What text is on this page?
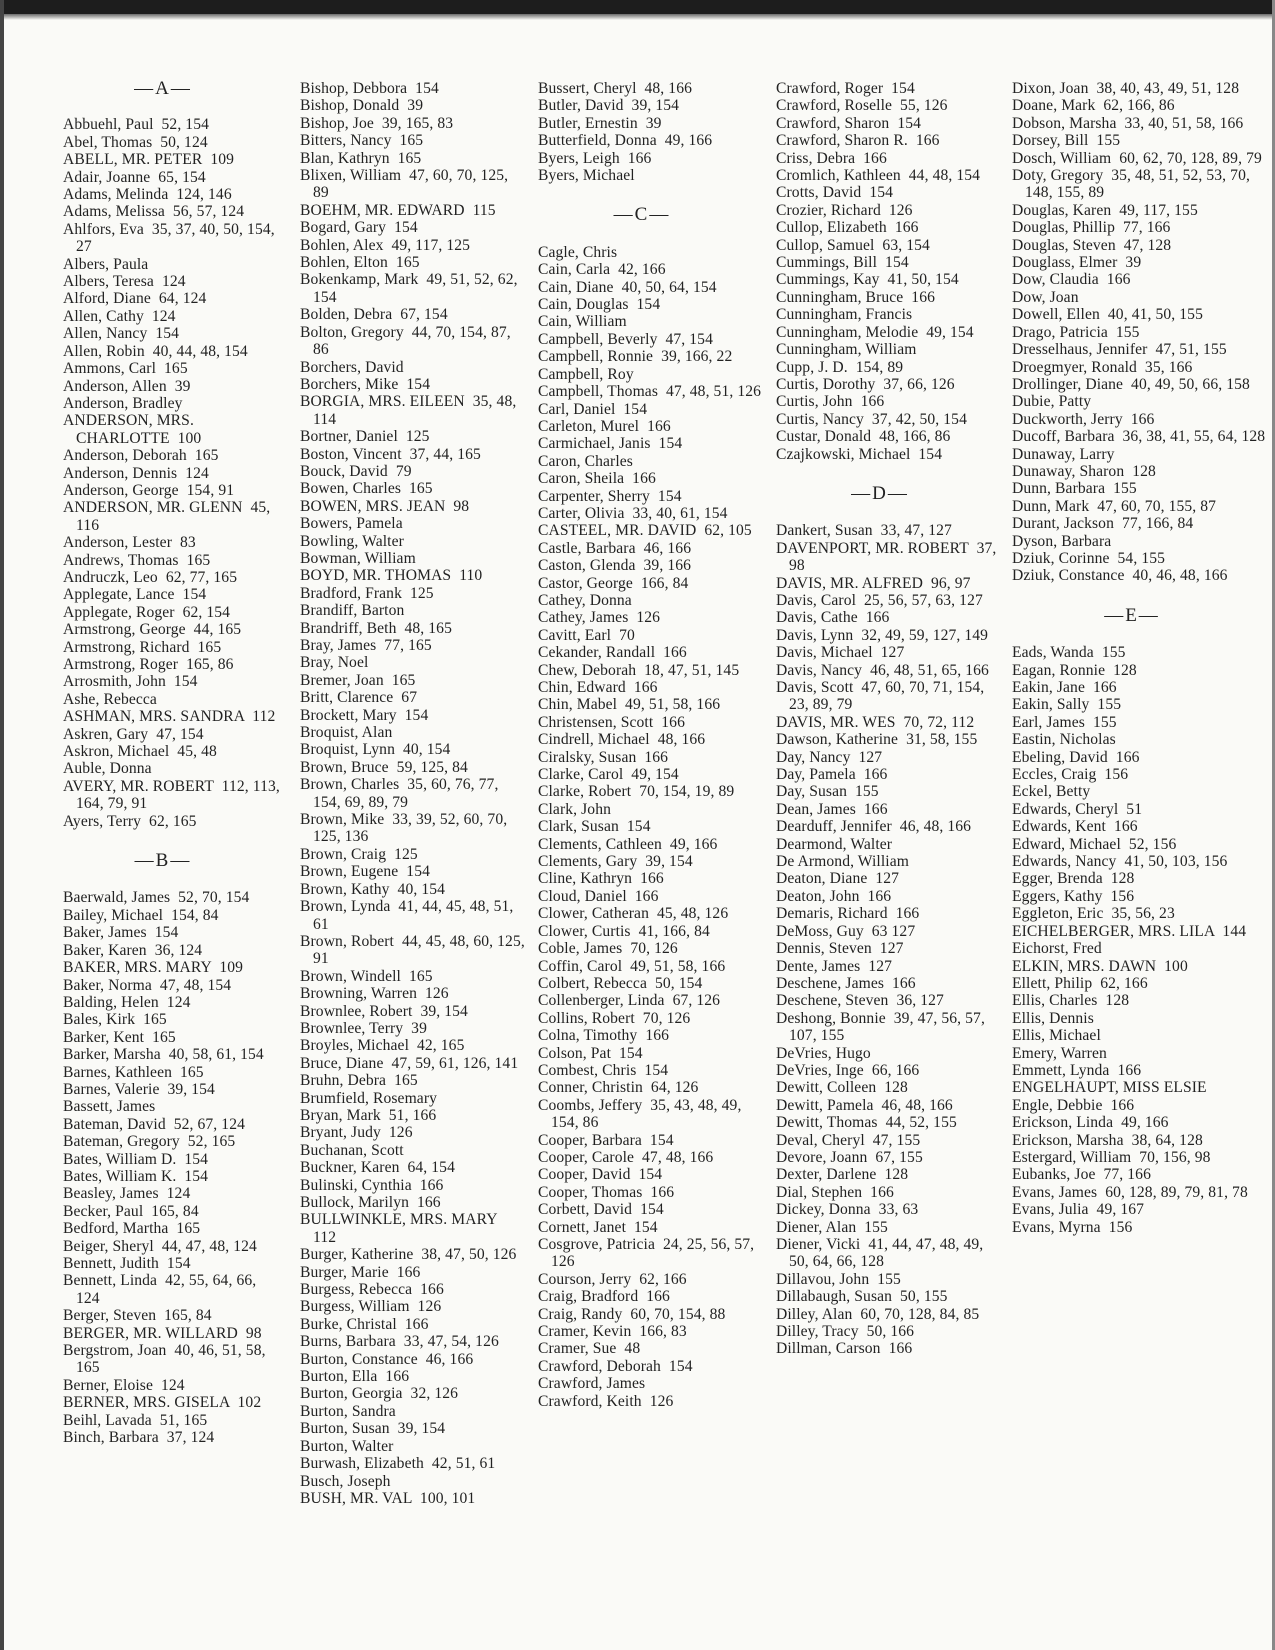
—A—
Abbuehl, Paul  52, 154
Abel, Thomas  50, 124
ABELL, MR. PETER  109
Adair, Joanne  65, 154
Adams, Melinda  124, 146
Adams, Melissa  56, 57, 124
Ahlfors, Eva  35, 37, 40, 50, 154, 27
Albers, Paula
Albers, Teresa  124
Alford, Diane  64, 124
Allen, Cathy  124
Allen, Nancy  154
Allen, Robin  40, 44, 48, 154
Ammons, Carl  165
Anderson, Allen  39
Anderson, Bradley
ANDERSON, MRS. CHARLOTTE  100
Anderson, Deborah  165
Anderson, Dennis  124
Anderson, George  154, 91
ANDERSON, MR. GLENN  45, 116
Anderson, Lester  83
Andrews, Thomas  165
Andruczk, Leo  62, 77, 165
Applegate, Lance  154
Applegate, Roger  62, 154
Armstrong, George  44, 165
Armstrong, Richard  165
Armstrong, Roger  165, 86
Arrosmith, John  154
Ashe, Rebecca
ASHMAN, MRS. SANDRA  112
Askren, Gary  47, 154
Askron, Michael  45, 48
Auble, Donna
AVERY, MR. ROBERT  112, 113, 164, 79, 91
Ayers, Terry  62, 165
—B—
Baerwald, James  52, 70, 154
Bailey, Michael  154, 84
Baker, James  154
Baker, Karen  36, 124
BAKER, MRS. MARY  109
Baker, Norma  47, 48, 154
Balding, Helen  124
Bales, Kirk  165
Barker, Kent  165
Barker, Marsha  40, 58, 61, 154
Barnes, Kathleen  165
Barnes, Valerie  39, 154
Bassett, James
Bateman, David  52, 67, 124
Bateman, Gregory  52, 165
Bates, William D.  154
Bates, William K.  154
Beasley, James  124
Becker, Paul  165, 84
Bedford, Martha  165
Beiger, Sheryl  44, 47, 48, 124
Bennett, Judith  154
Bennett, Linda  42, 55, 64, 66, 124
Berger, Steven  165, 84
BERGER, MR. WILLARD  98
Bergstrom, Joan  40, 46, 51, 58, 165
Berner, Eloise  124
BERNER, MRS. GISELA  102
Beihl, Lavada  51, 165
Binch, Barbara  37, 124
Bishop, Debbora  154
Bishop, Donald  39
Bishop, Joe  39, 165, 83
Bitters, Nancy  165
Blan, Kathryn  165
Blixen, William  47, 60, 70, 125, 89
BOEHM, MR. EDWARD  115
Bogard, Gary  154
Bohlen, Alex  49, 117, 125
Bohlen, Elton  165
Bokenkamp, Mark  49, 51, 52, 62, 154
Bolden, Debra  67, 154
Bolton, Gregory  44, 70, 154, 87, 86
Borchers, David
Borchers, Mike  154
BORGIA, MRS. EILEEN  35, 48, 114
Bortner, Daniel  125
Boston, Vincent  37, 44, 165
Bouck, David  79
Bowen, Charles  165
BOWEN, MRS. JEAN  98
Bowers, Pamela
Bowling, Walter
Bowman, William
BOYD, MR. THOMAS  110
Bradford, Frank  125
Brandiff, Barton
Brandriff, Beth  48, 165
Bray, James  77, 165
Bray, Noel
Bremer, Joan  165
Britt, Clarence  67
Brockett, Mary  154
Broquist, Alan
Broquist, Lynn  40, 154
Brown, Bruce  59, 125, 84
Brown, Charles  35, 60, 76, 77, 154, 69, 89, 79
Brown, Mike  33, 39, 52, 60, 70, 125, 136
Brown, Craig  125
Brown, Eugene  154
Brown, Kathy  40, 154
Brown, Lynda  41, 44, 45, 48, 51, 61
Brown, Robert  44, 45, 48, 60, 125, 91
Brown, Windell  165
Browning, Warren  126
Brownlee, Robert  39, 154
Brownlee, Terry  39
Broyles, Michael  42, 165
Bruce, Diane  47, 59, 61, 126, 141
Bruhn, Debra  165
Brumfield, Rosemary
Bryan, Mark  51, 166
Bryant, Judy  126
Buchanan, Scott
Buckner, Karen  64, 154
Bulinski, Cynthia  166
Bullock, Marilyn  166
BULLWINKLE, MRS. MARY  112
Burger, Katherine  38, 47, 50, 126
Burger, Marie  166
Burgess, Rebecca  166
Burgess, William  126
Burke, Christal  166
Burns, Barbara  33, 47, 54, 126
Burton, Constance  46, 166
Burton, Ella  166
Burton, Georgia  32, 126
Burton, Sandra
Burton, Susan  39, 154
Burton, Walter
Burwash, Elizabeth  42, 51, 61
Busch, Joseph
BUSH, MR. VAL  100, 101
Bussert, Cheryl  48, 166
Butler, David  39, 154
Butler, Ernestin  39
Butterfield, Donna  49, 166
Byers, Leigh  166
Byers, Michael
—C—
Cagle, Chris
Cain, Carla  42, 166
Cain, Diane  40, 50, 64, 154
Cain, Douglas  154
Cain, William
Campbell, Beverly  47, 154
Campbell, Ronnie  39, 166, 22
Campbell, Roy
Campbell, Thomas  47, 48, 51, 126
Carl, Daniel  154
Carleton, Murel  166
Carmichael, Janis  154
Caron, Charles
Caron, Sheila  166
Carpenter, Sherry  154
Carter, Olivia  33, 40, 61, 154
CASTEEL, MR. DAVID  62, 105
Castle, Barbara  46, 166
Caston, Glenda  39, 166
Castor, George  166, 84
Cathey, Donna
Cathey, James  126
Cavitt, Earl  70
Cekander, Randall  166
Chew, Deborah  18, 47, 51, 145
Chin, Edward  166
Chin, Mabel  49, 51, 58, 166
Christensen, Scott  166
Cindrell, Michael  48, 166
Ciralsky, Susan  166
Clarke, Carol  49, 154
Clarke, Robert  70, 154, 19, 89
Clark, John
Clark, Susan  154
Clements, Cathleen  49, 166
Clements, Gary  39, 154
Cline, Kathryn  166
Cloud, Daniel  166
Clower, Catheran  45, 48, 126
Clower, Curtis  41, 166, 84
Coble, James  70, 126
Coffin, Carol  49, 51, 58, 166
Colbert, Rebecca  50, 154
Collenberger, Linda  67, 126
Collins, Robert  70, 126
Colna, Timothy  166
Colson, Pat  154
Combest, Chris  154
Conner, Christin  64, 126
Coombs, Jeffery  35, 43, 48, 49, 154, 86
Cooper, Barbara  154
Cooper, Carole  47, 48, 166
Cooper, David  154
Cooper, Thomas  166
Corbett, David  154
Cornett, Janet  154
Cosgrove, Patricia  24, 25, 56, 57, 126
Courson, Jerry  62, 166
Craig, Bradford  166
Craig, Randy  60, 70, 154, 88
Cramer, Kevin  166, 83
Cramer, Sue  48
Crawford, Deborah  154
Crawford, James
Crawford, Keith  126
Crawford, Roger  154
Crawford, Roselle  55, 126
Crawford, Sharon  154
Crawford, Sharon R.  166
Criss, Debra  166
Cromlich, Kathleen  44, 48, 154
Crotts, David  154
Crozier, Richard  126
Cullop, Elizabeth  166
Cullop, Samuel  63, 154
Cummings, Bill  154
Cummings, Kay  41, 50, 154
Cunningham, Bruce  166
Cunningham, Francis
Cunningham, Melodie  49, 154
Cunningham, William
Cupp, J. D.  154, 89
Curtis, Dorothy  37, 66, 126
Curtis, John  166
Curtis, Nancy  37, 42, 50, 154
Custar, Donald  48, 166, 86
Czajkowski, Michael  154
—D—
Dankert, Susan  33, 47, 127
DAVENPORT, MR. ROBERT  37, 98
DAVIS, MR. ALFRED  96, 97
Davis, Carol  25, 56, 57, 63, 127
Davis, Cathe  166
Davis, Lynn  32, 49, 59, 127, 149
Davis, Michael  127
Davis, Nancy  46, 48, 51, 65, 166
Davis, Scott  47, 60, 70, 71, 154, 23, 89, 79
DAVIS, MR. WES  70, 72, 112
Dawson, Katherine  31, 58, 155
Day, Nancy  127
Day, Pamela  166
Day, Susan  155
Dean, James  166
Dearduff, Jennifer  46, 48, 166
Dearmond, Walter
De Armond, William
Deaton, Diane  127
Deaton, John  166
Demaris, Richard  166
DeMoss, Guy  63 127
Dennis, Steven  127
Dente, James  127
Deschene, James  166
Deschene, Steven  36, 127
Deshong, Bonnie  39, 47, 56, 57, 107, 155
DeVries, Hugo
DeVries, Inge  66, 166
Dewitt, Colleen  128
Dewitt, Pamela  46, 48, 166
Dewitt, Thomas  44, 52, 155
Deval, Cheryl  47, 155
Devore, Joann  67, 155
Dexter, Darlene  128
Dial, Stephen  166
Dickey, Donna  33, 63
Diener, Alan  155
Diener, Vicki  41, 44, 47, 48, 49, 50, 64, 66, 128
Dillavou, John  155
Dillabaugh, Susan  50, 155
Dilley, Alan  60, 70, 128, 84, 85
Dilley, Tracy  50, 166
Dillman, Carson  166
Dixon, Joan  38, 40, 43, 49, 51, 128
Doane, Mark  62, 166, 86
Dobson, Marsha  33, 40, 51, 58, 166
Dorsey, Bill  155
Dosch, William  60, 62, 70, 128, 89, 79
Doty, Gregory  35, 48, 51, 52, 53, 70, 148, 155, 89
Douglas, Karen  49, 117, 155
Douglas, Phillip  77, 166
Douglas, Steven  47, 128
Douglass, Elmer  39
Dow, Claudia  166
Dow, Joan
Dowell, Ellen  40, 41, 50, 155
Drago, Patricia  155
Dresselhaus, Jennifer  47, 51, 155
Droegmyer, Ronald  35, 166
Drollinger, Diane  40, 49, 50, 66, 158
Dubie, Patty
Duckworth, Jerry  166
Ducoff, Barbara  36, 38, 41, 55, 64, 128
Dunaway, Larry
Dunaway, Sharon  128
Dunn, Barbara  155
Dunn, Mark  47, 60, 70, 155, 87
Durant, Jackson  77, 166, 84
Dyson, Barbara
Dziuk, Corinne  54, 155
Dziuk, Constance  40, 46, 48, 166
—E—
Eads, Wanda  155
Eagan, Ronnie  128
Eakin, Jane  166
Eakin, Sally  155
Earl, James  155
Eastin, Nicholas
Ebeling, David  166
Eccles, Craig  156
Eckel, Betty
Edwards, Cheryl  51
Edwards, Kent  166
Edward, Michael  52, 156
Edwards, Nancy  41, 50, 103, 156
Egger, Brenda  128
Eggers, Kathy  156
Eggleton, Eric  35, 56, 23
EICHELBERGER, MRS. LILA  144
Eichorst, Fred
ELKIN, MRS. DAWN  100
Ellett, Philip  62, 166
Ellis, Charles  128
Ellis, Dennis
Ellis, Michael
Emery, Warren
Emmett, Lynda  166
ENGELHAUPT, MISS ELSIE
Engle, Debbie  166
Erickson, Linda  49, 166
Erickson, Marsha  38, 64, 128
Estergard, William  70, 156, 98
Eubanks, Joe  77, 166
Evans, James  60, 128, 89, 79, 81, 78
Evans, Julia  49, 167
Evans, Myrna  156
